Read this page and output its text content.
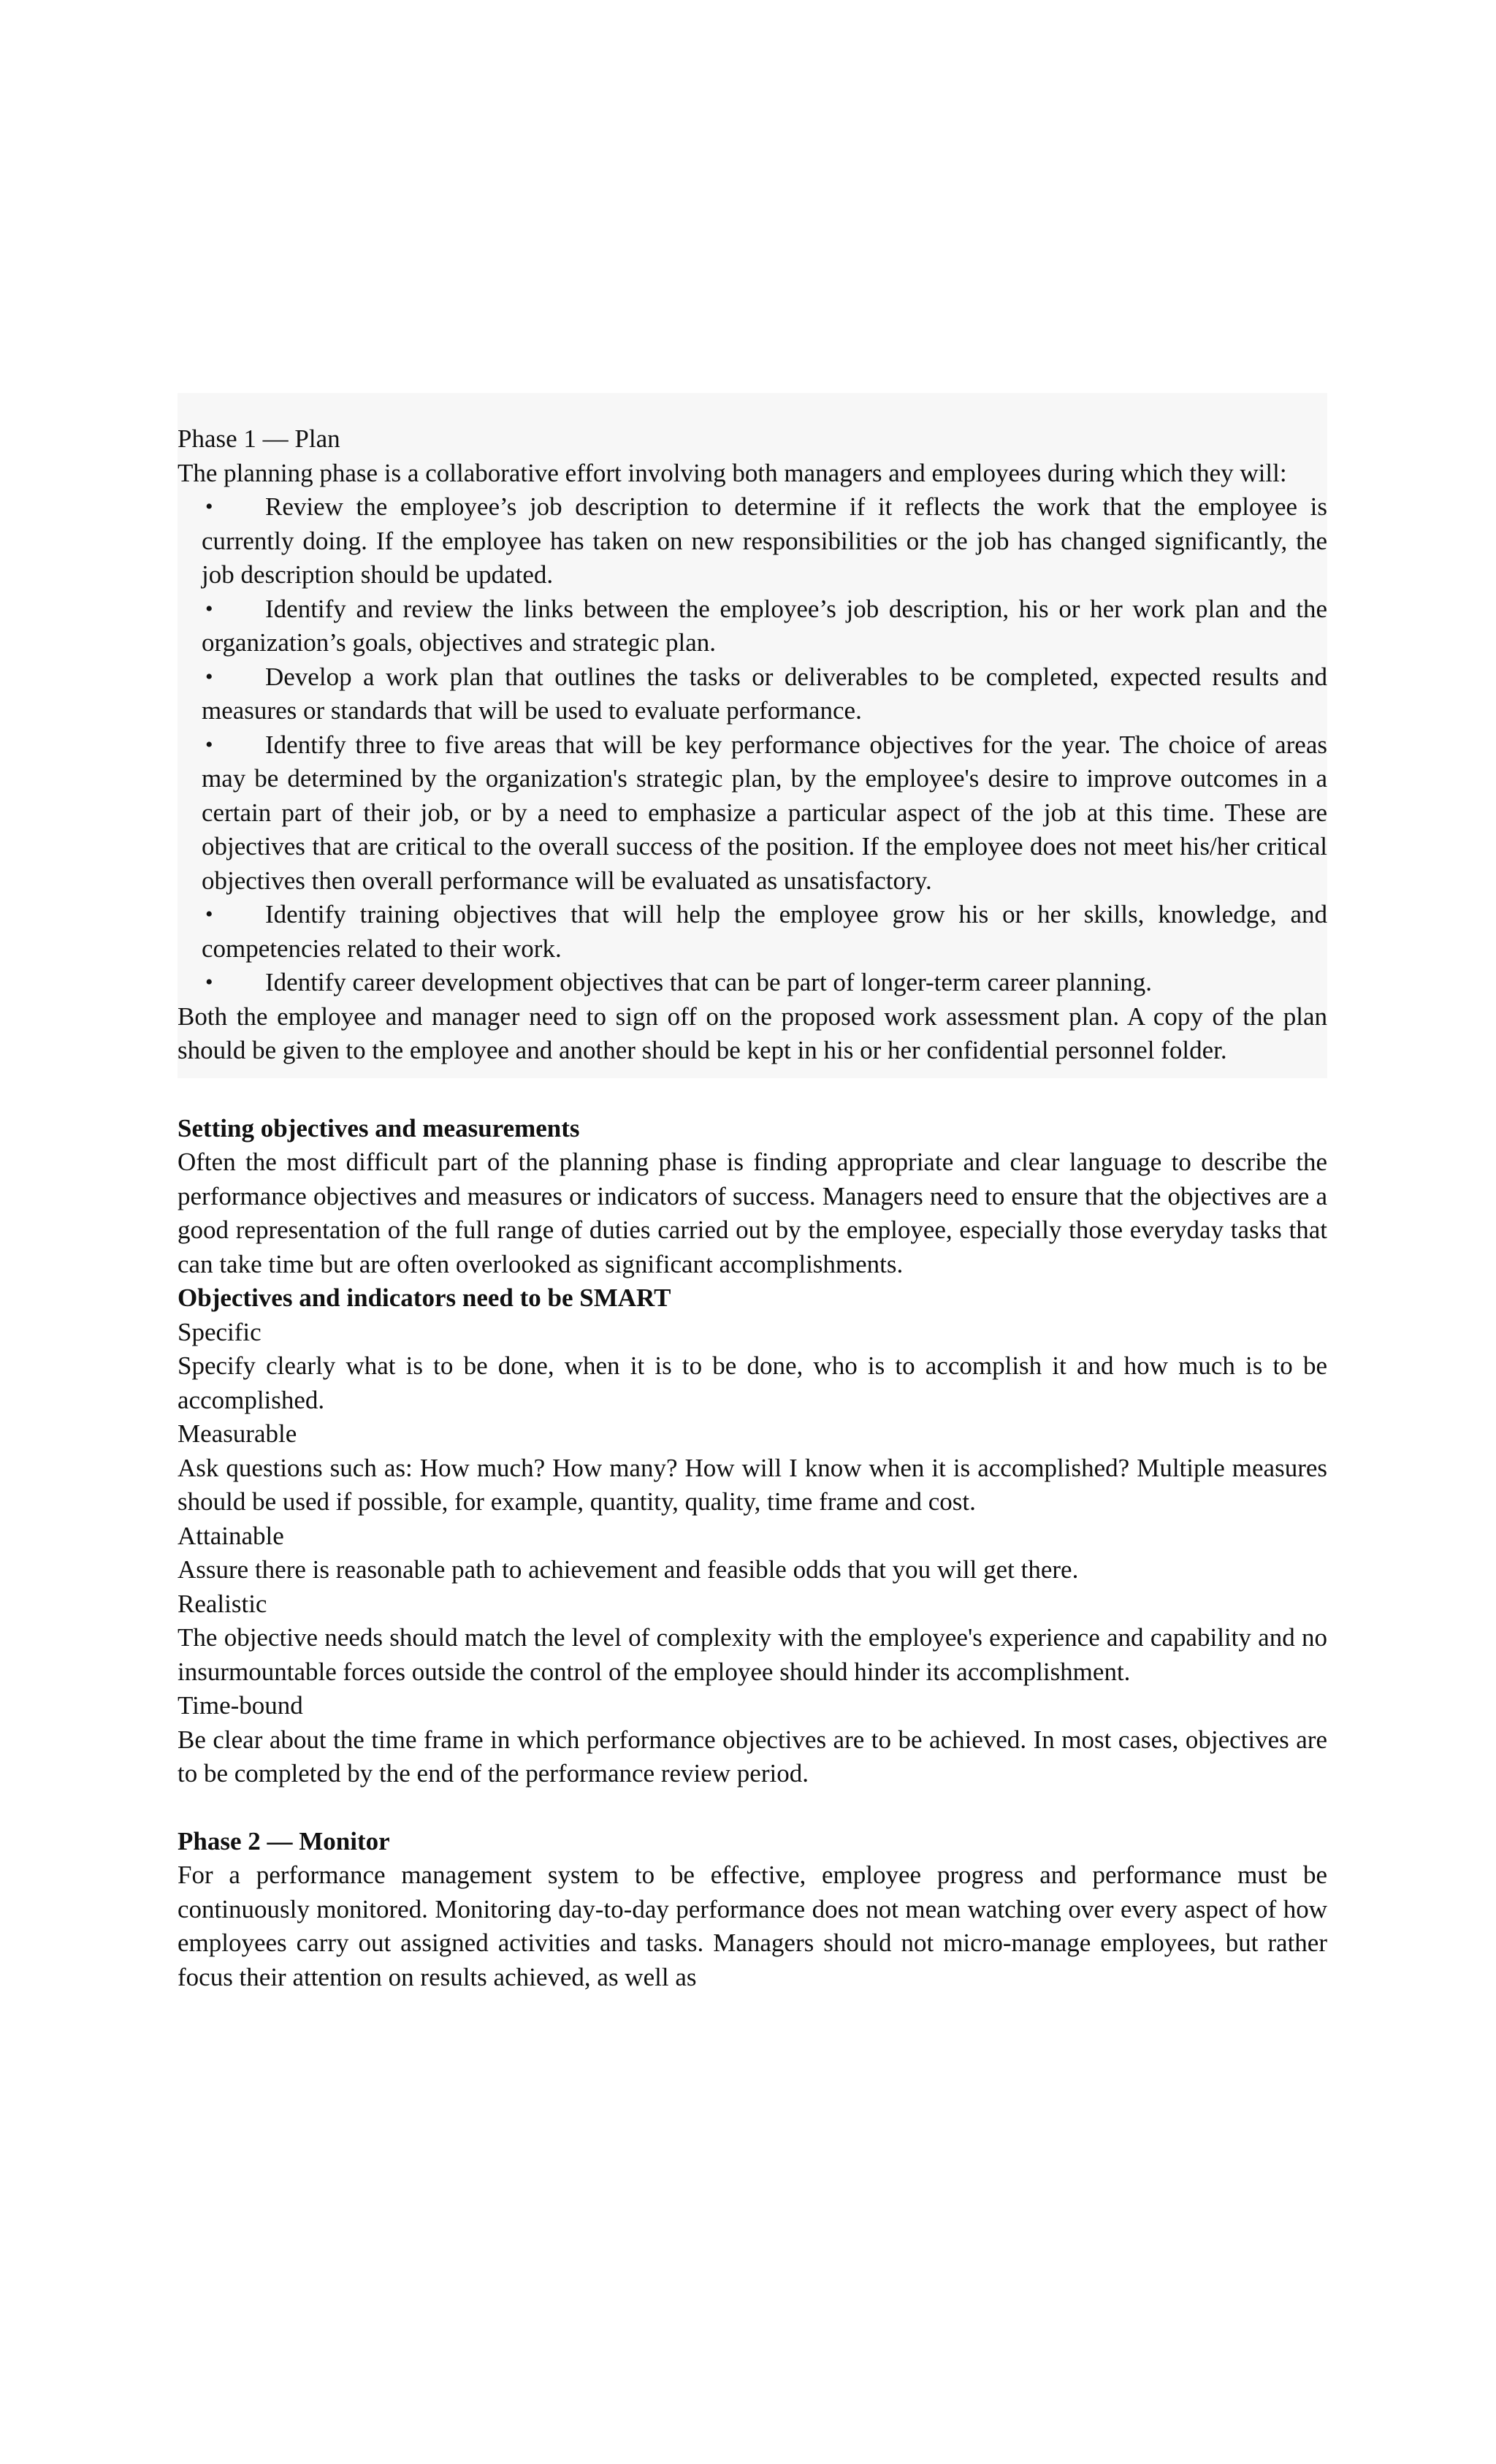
Phase 1 — Plan

The planning phase is a collaborative effort involving both managers and employees during which they will:

• Review the employee’s job description to determine if it reflects the work that the employee is currently doing. If the employee has taken on new responsibilities or the job has changed significantly, the job description should be updated.
• Identify and review the links between the employee’s job description, his or her work plan and the organization’s goals, objectives and strategic plan.
• Develop a work plan that outlines the tasks or deliverables to be completed, expected results and measures or standards that will be used to evaluate performance.
• Identify three to five areas that will be key performance objectives for the year. The choice of areas may be determined by the organization's strategic plan, by the employee's desire to improve outcomes in a certain part of their job, or by a need to emphasize a particular aspect of the job at this time. These are objectives that are critical to the overall success of the position. If the employee does not meet his/her critical objectives then overall performance will be evaluated as unsatisfactory.
• Identify training objectives that will help the employee grow his or her skills, knowledge, and competencies related to their work.
• Identify career development objectives that can be part of longer-term career planning.

Both the employee and manager need to sign off on the proposed work assessment plan. A copy of the plan should be given to the employee and another should be kept in his or her confidential personnel folder.

Setting objectives and measurements

Often the most difficult part of the planning phase is finding appropriate and clear language to describe the performance objectives and measures or indicators of success. Managers need to ensure that the objectives are a good representation of the full range of duties carried out by the employee, especially those everyday tasks that can take time but are often overlooked as significant accomplishments.

Objectives and indicators need to be SMART

Specific

Specify clearly what is to be done, when it is to be done, who is to accomplish it and how much is to be accomplished.

Measurable

Ask questions such as: How much? How many? How will I know when it is accomplished? Multiple measures should be used if possible, for example, quantity, quality, time frame and cost.

Attainable

Assure there is reasonable path to achievement and feasible odds that you will get there.

Realistic

The objective needs should match the level of complexity with the employee's experience and capability and no insurmountable forces outside the control of the employee should hinder its accomplishment.

Time-bound

Be clear about the time frame in which performance objectives are to be achieved. In most cases, objectives are to be completed by the end of the performance review period.

Phase 2 — Monitor

For a performance management system to be effective, employee progress and performance must be continuously monitored. Monitoring day-to-day performance does not mean watching over every aspect of how employees carry out assigned activities and tasks. Managers should not micro-manage employees, but rather focus their attention on results achieved, as well as
